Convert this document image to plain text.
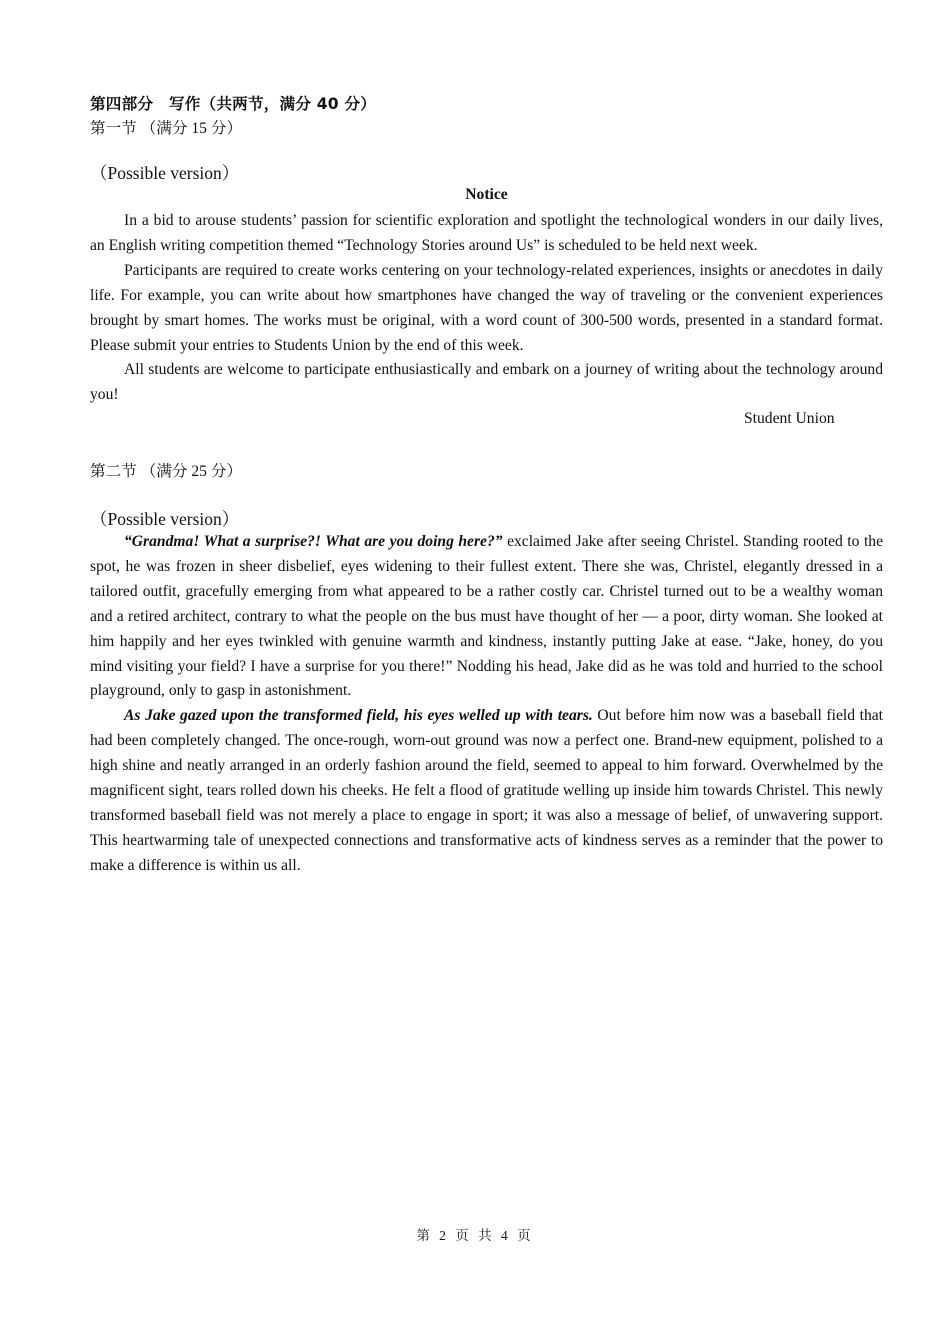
第四部分　写作（共两节，满分 40 分）
第一节 （满分 15 分）
（Possible version）
Notice

In a bid to arouse students’ passion for scientific exploration and spotlight the technological wonders in our daily lives, an English writing competition themed “Technology Stories around Us” is scheduled to be held next week.

Participants are required to create works centering on your technology-related experiences, insights or anecdotes in daily life. For example, you can write about how smartphones have changed the way of traveling or the convenient experiences brought by smart homes. The works must be original, with a word count of 300-500 words, presented in a standard format. Please submit your entries to Students Union by the end of this week.

All students are welcome to participate enthusiastically and embark on a journey of writing about the technology around you!

Student Union
第二节 （满分 25 分）
（Possible version）

“Grandma! What a surprise?! What are you doing here?” exclaimed Jake after seeing Christel. Standing rooted to the spot, he was frozen in sheer disbelief, eyes widening to their fullest extent. There she was, Christel, elegantly dressed in a tailored outfit, gracefully emerging from what appeared to be a rather costly car. Christel turned out to be a wealthy woman and a retired architect, contrary to what the people on the bus must have thought of her — a poor, dirty woman. She looked at him happily and her eyes twinkled with genuine warmth and kindness, instantly putting Jake at ease. “Jake, honey, do you mind visiting your field? I have a surprise for you there!” Nodding his head, Jake did as he was told and hurried to the school playground, only to gasp in astonishment.

As Jake gazed upon the transformed field, his eyes welled up with tears. Out before him now was a baseball field that had been completely changed. The once-rough, worn-out ground was now a perfect one. Brand-new equipment, polished to a high shine and neatly arranged in an orderly fashion around the field, seemed to appeal to him forward. Overwhelmed by the magnificent sight, tears rolled down his cheeks. He felt a flood of gratitude welling up inside him towards Christel. This newly transformed baseball field was not merely a place to engage in sport; it was also a message of belief, of unwavering support. This heartwarming tale of unexpected connections and transformative acts of kindness serves as a reminder that the power to make a difference is within us all.

第 2 页 共 4 页
